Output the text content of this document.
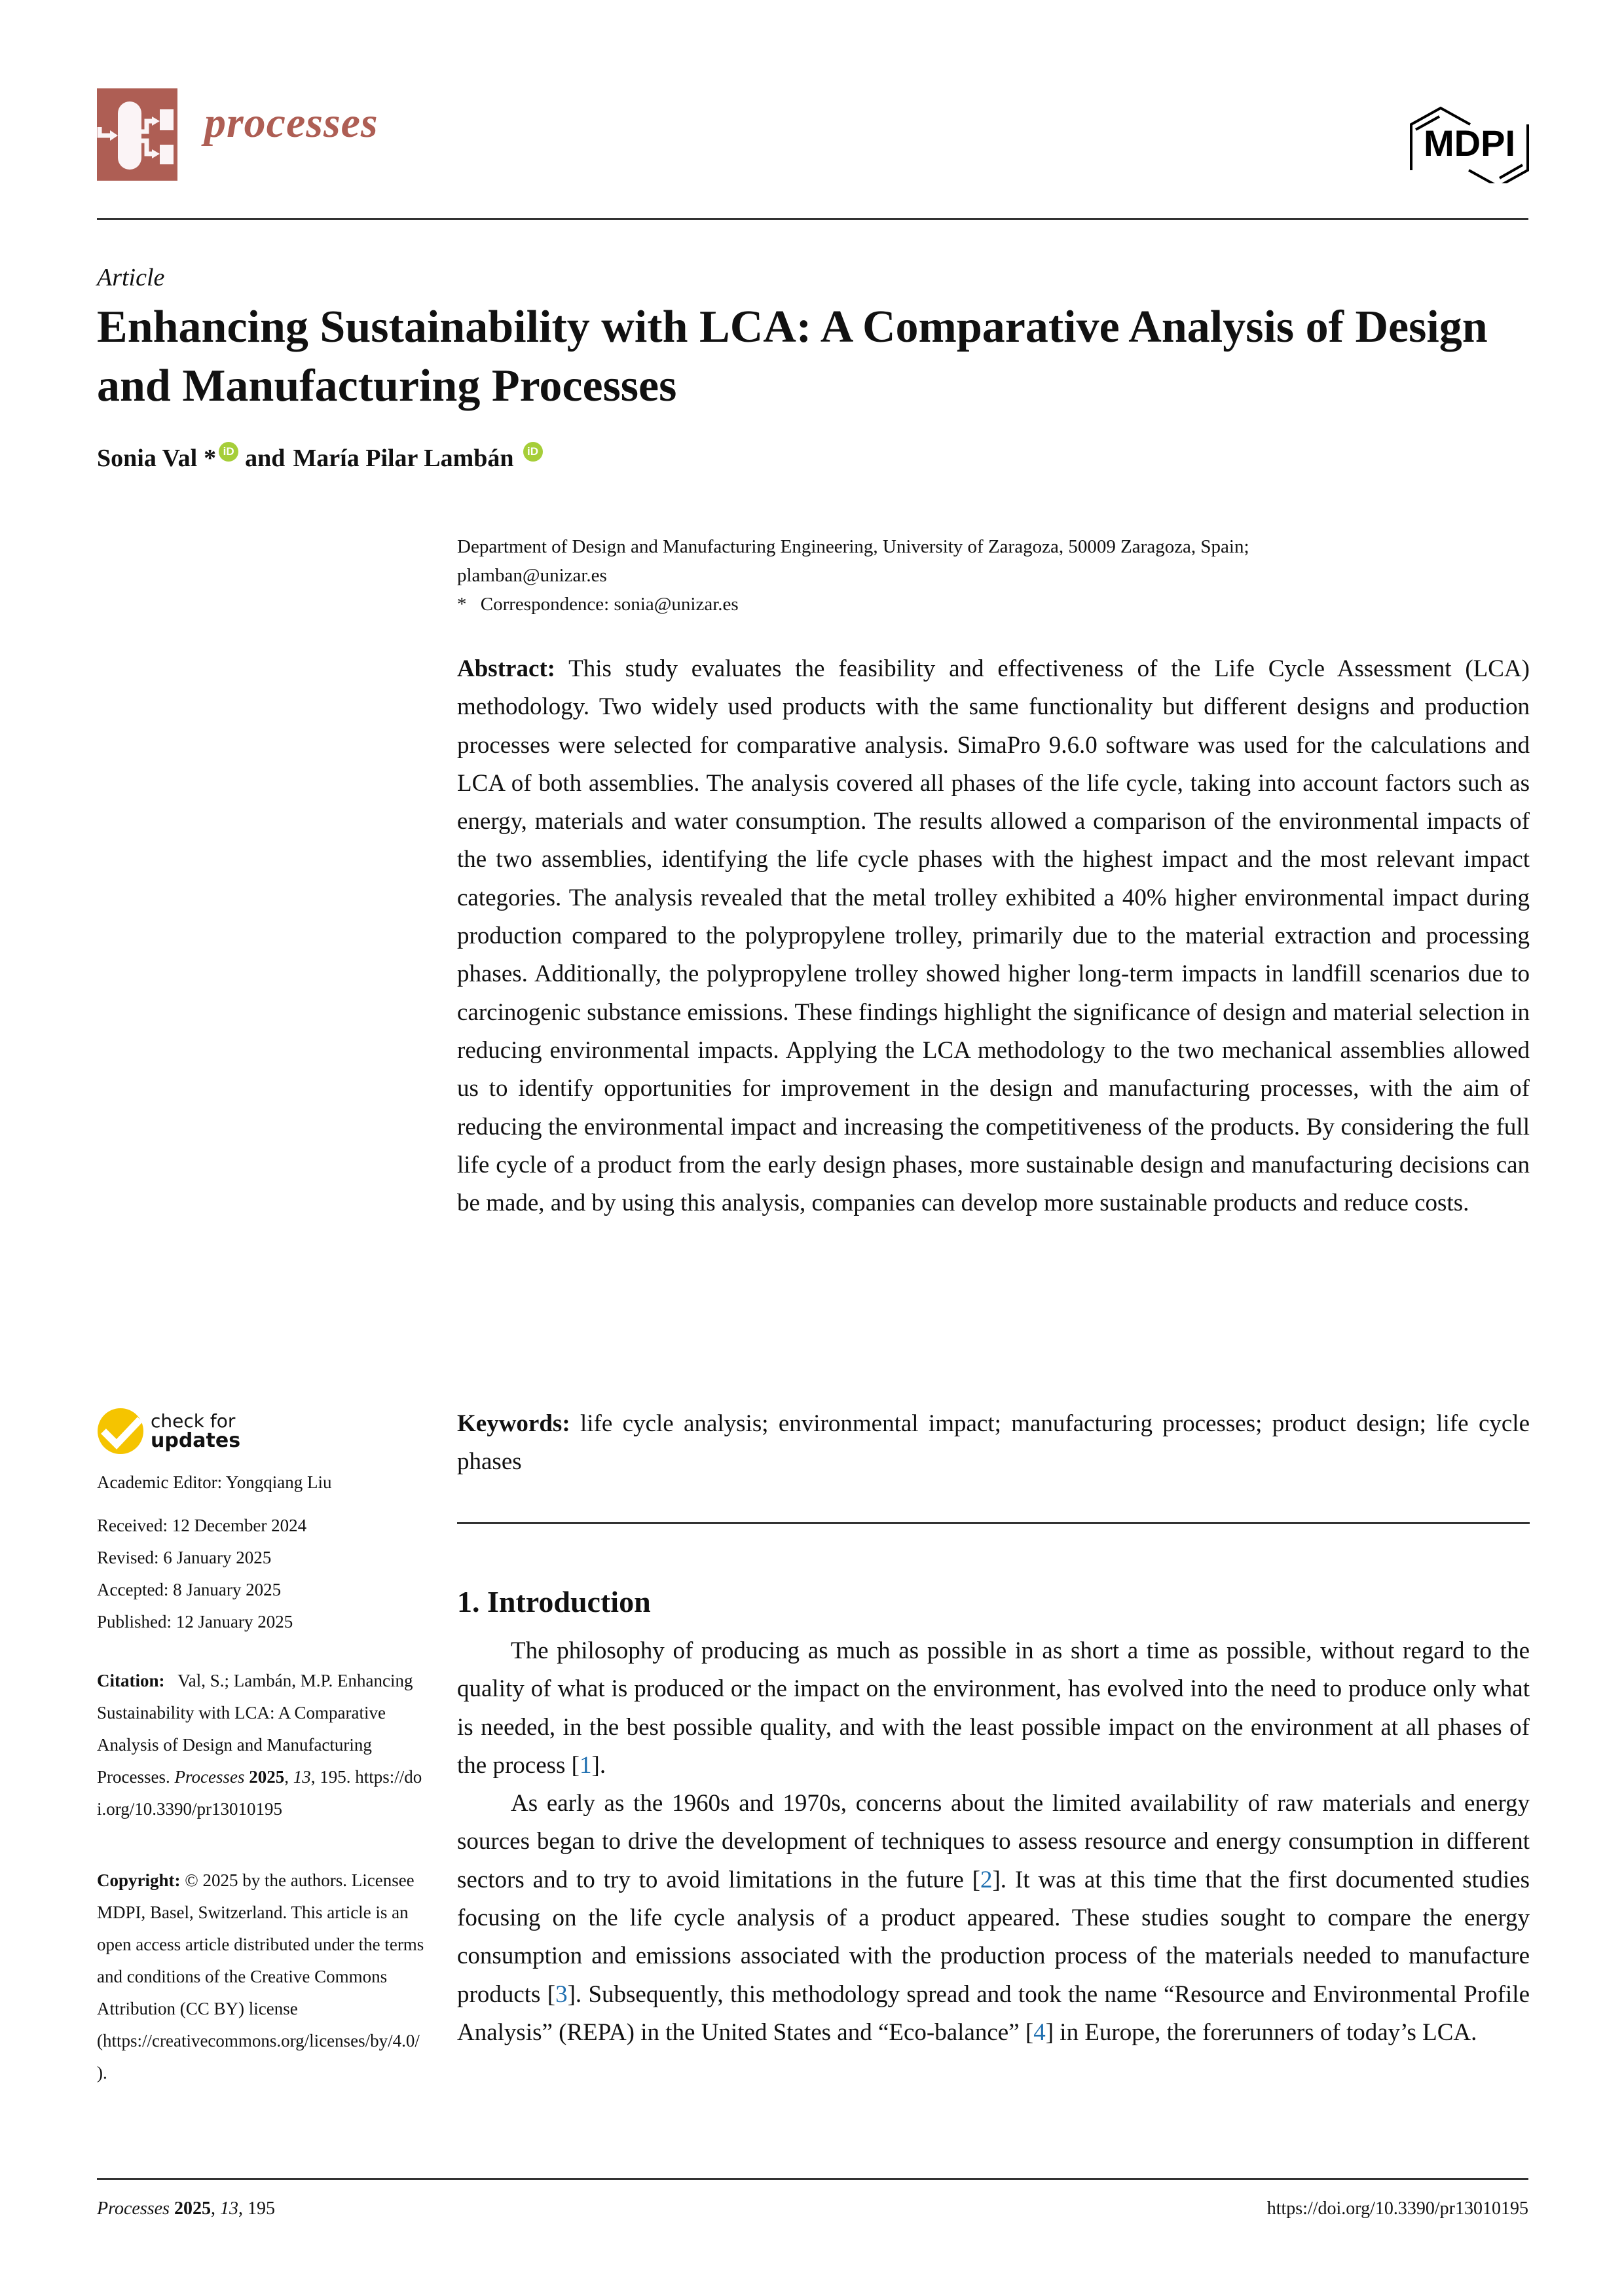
processes	MDPI
Article
Enhancing Sustainability with LCA: A Comparative Analysis of Design and Manufacturing Processes
Sonia Val * iD and María Pilar Lambán	iD
Department of Design and Manufacturing Engineering, University of Zaragoza, 50009 Zaragoza, Spain;
plamban@unizar.es
* Correspondence: sonia@unizar.es
Abstract: This study evaluates the feasibility and effectiveness of the Life Cycle Assessment (LCA) methodology. Two widely used products with the same functionality but different designs and production processes were selected for comparative analysis. SimaPro 9.6.0 software was used for the calculations and LCA of both assemblies. The analysis covered all phases of the life cycle, taking into account factors such as energy, materials and water consumption. The results allowed a comparison of the environmental impacts of the two assemblies, identifying the life cycle phases with the highest impact and the most relevant impact categories. The analysis revealed that the metal trolley exhibited a 40% higher environmental impact during production compared to the polypropylene trolley, primarily due to the material extraction and processing phases. Additionally, the polypropylene trolley showed higher long-term impacts in landfill scenarios due to carcinogenic substance emissions. These findings highlight the significance of design and material selection in reducing environmental impacts. Applying the LCA methodology to the two mechanical assemblies allowed us to identify opportunities for improvement in the design and manufacturing processes, with the aim of reducing the environmental impact and increasing the competitiveness of the products. By considering the full life cycle of a product from the early design phases, more sustainable design and manufacturing decisions can be made, and by using this analysis, companies can develop more sustainable products and reduce costs.
Keywords: life cycle analysis; environmental impact; manufacturing processes; product design; life cycle phases
1. Introduction

The philosophy of producing as much as possible in as short a time as possible, without regard to the quality of what is produced or the impact on the environment, has evolved into the need to produce only what is needed, in the best possible quality, and with the least possible impact on the environment at all phases of the process [1].

As early as the 1960s and 1970s, concerns about the limited availability of raw materials and energy sources began to drive the development of techniques to assess resource and energy consumption in different sectors and to try to avoid limitations in the future [2]. It was at this time that the first documented studies focusing on the life cycle analysis of a product appeared. These studies sought to compare the energy consumption and emissions associated with the production process of the materials needed to manufacture products [3]. Subsequently, this methodology spread and took the name “Resource and Environmental Profile Analysis” (REPA) in the United States and “Eco-balance” [4] in Europe, the forerunners of today’s LCA.

check for
updates
Academic Editor: Yongqiang Liu
Received: 12 December 2024
Revised: 6 January 2025
Accepted: 8 January 2025
Published: 12 January 2025
Citation: Val, S.; Lambán, M.P. Enhancing Sustainability with LCA: A Comparative Analysis of Design and Manufacturing Processes. Processes 2025, 13, 195. https://doi.org/10.3390/pr13010195
Copyright: © 2025 by the authors. Licensee MDPI, Basel, Switzerland. This article is an open access article distributed under the terms and conditions of the Creative Commons Attribution (CC BY) license (https://creativecommons.org/licenses/by/4.0/).
Processes 2025, 13, 195	https://doi.org/10.3390/pr13010195
